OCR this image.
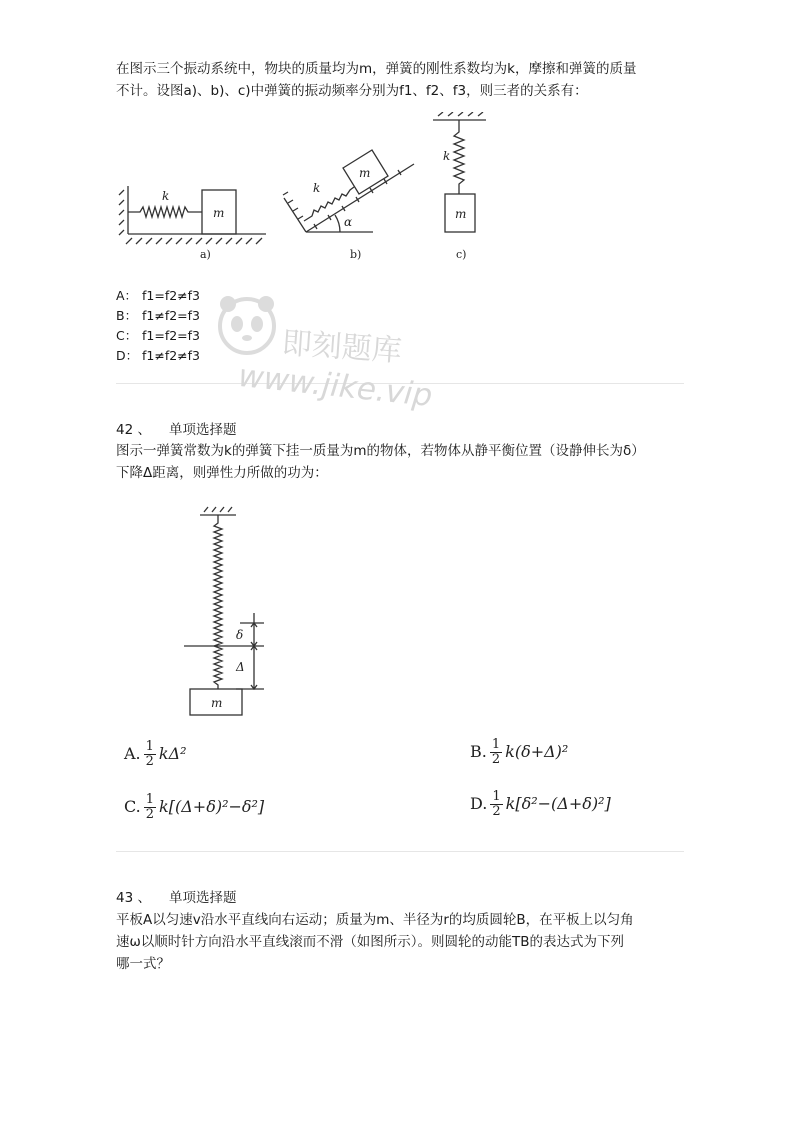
在图示三个振动系统中，物块的质量均为m，弹簧的刚性系数均为k，摩擦和弹簧的质量
不计。设图a)、b)、c)中弹簧的振动频率分别为f1、f2、f3，则三者的关系有：
k
m
k
m
α
k
m
a)	b)	c)
A： f1=f2≠f3
B： f1≠f2=f3
C： f1=f2=f3
D： f1≠f2≠f3
42 、 单项选择题
图示一弹簧常数为k的弹簧下挂一质量为m的物体，若物体从静平衡位置（设静伸长为δ）
下降Δ距离，则弹性力所做的功为：
δ
Δ
m
A. $\frac{1}{2} k\Delta^2$	B. $\frac{1}{2} k(\delta+\Delta)^2$
C. $\frac{1}{2} k[(\Delta+\delta)^2-\delta^2]$	D. $\frac{1}{2} k[\delta^2-(\Delta+\delta)^2]$
43 、 单项选择题
平板A以匀速v沿水平直线向右运动；质量为m、半径为r的均质圆轮B，在平板上以匀角
速ω以顺时针方向沿水平直线滚而不滑（如图所示）。则圆轮的动能TB的表达式为下列
哪一式？
即刻题库
www.jike.vip
